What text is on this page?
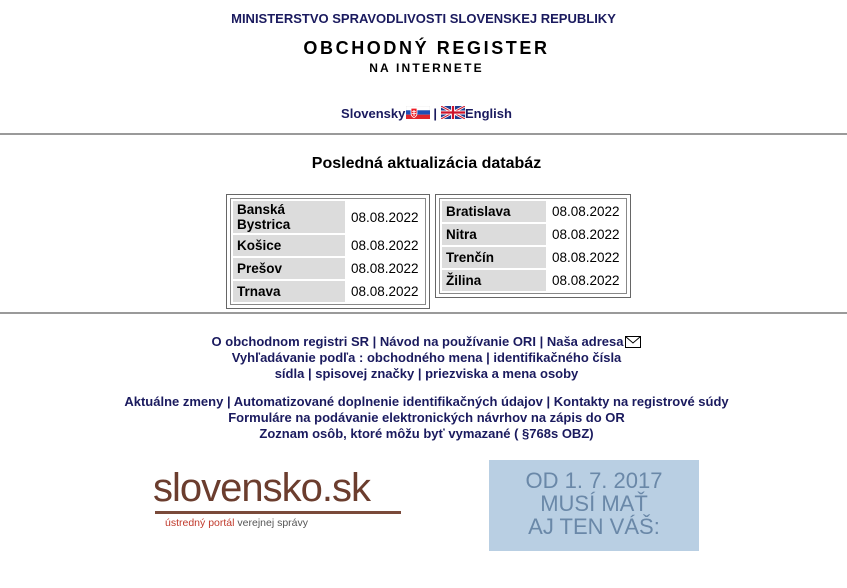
MINISTERSTVO SPRAVODLIVOSTI SLOVENSKEJ REPUBLIKY
OBCHODNÝ REGISTER
NA INTERNETE
Slovensky | English
Posledná aktualizácia databáz
Banská Bystrica	08.08.2022
Košice	08.08.2022
Prešov	08.08.2022
Trnava	08.08.2022
Bratislava	08.08.2022
Nitra	08.08.2022
Trenčín	08.08.2022
Žilina	08.08.2022
O obchodnom registri SR | Návod na používanie ORI | Naša adresa
Vyhľadávanie podľa : obchodného mena | identifikačného čísla
sídla | spisovej značky | priezviska a mena osoby
Aktuálne zmeny | Automatizované doplnenie identifikačných údajov | Kontakty na registrové súdy
Formuláre na podávanie elektronických návrhov na zápis do OR
Zoznam osôb, ktoré môžu byť vymazané ( §768s OBZ)
slovensko.sk
ústredný portál verejnej správy
OD 1. 7. 2017
MUSÍ MAŤ
AJ TEN VÁŠ:
